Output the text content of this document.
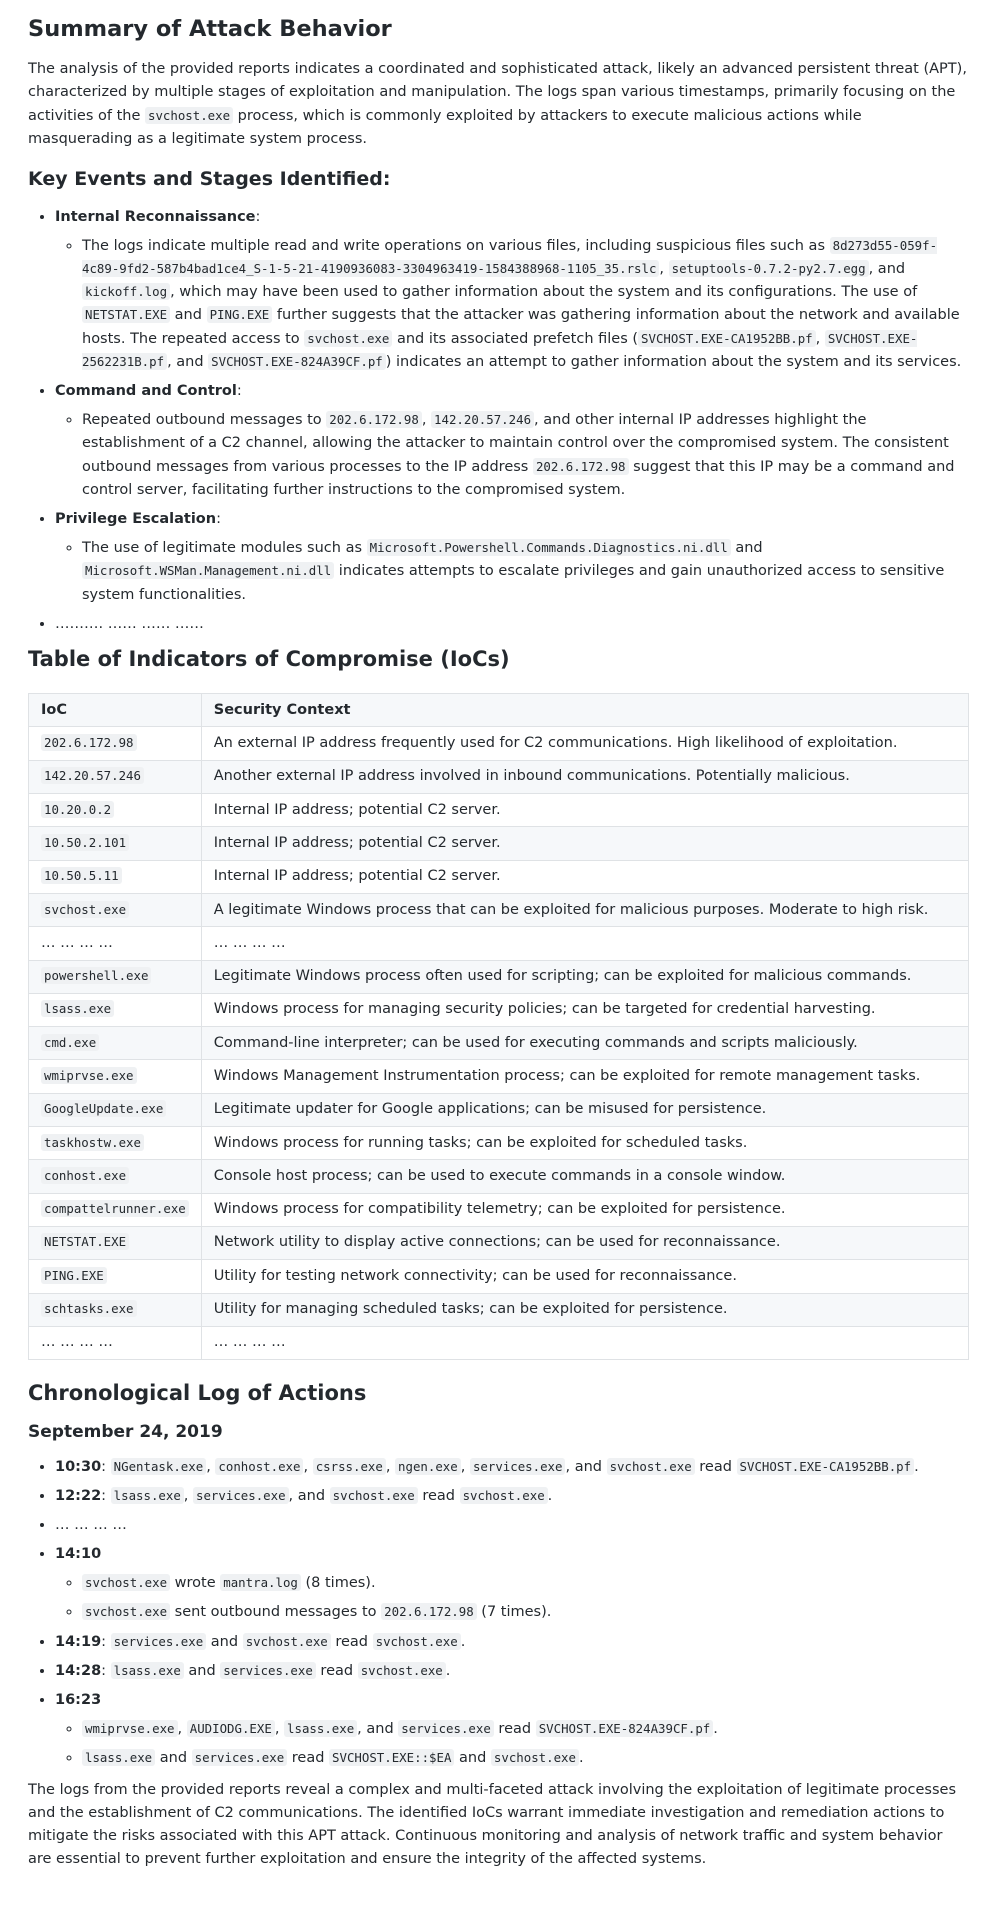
Summary of Attack Behavior

The analysis of the provided reports indicates a coordinated and sophisticated attack, likely an advanced persistent threat (APT), characterized by multiple stages of exploitation and manipulation. The logs span various timestamps, primarily focusing on the activities of the svchost.exe process, which is commonly exploited by attackers to execute malicious actions while masquerading as a legitimate system process.

Key Events and Stages Identified:
• Internal Reconnaissance:
◦ The logs indicate multiple read and write operations on various files, including suspicious files such as 8d273d55-059f-4c89-9fd2-587b4bad1ce4_S-1-5-21-4190936083-3304963419-1584388968-1105_35.rslc , setuptools-0.7.2-py2.7.egg , and kickoff.log , which may have been used to gather information about the system and its configurations. The use of NETSTAT.EXE and PING.EXE further suggests that the attacker was gathering information about the network and available hosts. The repeated access to svchost.exe and its associated prefetch files ( SVCHOST.EXE-CA1952BB.pf , SVCHOST.EXE-2562231B.pf , and SVCHOST.EXE-824A39CF.pf ) indicates an attempt to gather information about the system and its services.
• Command and Control:
◦ Repeated outbound messages to 202.6.172.98 , 142.20.57.246 , and other internal IP addresses highlight the establishment of a C2 channel, allowing the attacker to maintain control over the compromised system. The consistent outbound messages from various processes to the IP address 202.6.172.98 suggest that this IP may be a command and control server, facilitating further instructions to the compromised system.
• Privilege Escalation:
◦ The use of legitimate modules such as Microsoft.Powershell.Commands.Diagnostics.ni.dll and Microsoft.WSMan.Management.ni.dll indicates attempts to escalate privileges and gain unauthorized access to sensitive system functionalities.
• ………. …… …… ……
Table of Indicators of Compromise (IoCs)
IoC	Security Context
202.6.172.98	An external IP address frequently used for C2 communications. High likelihood of exploitation.
142.20.57.246	Another external IP address involved in inbound communications. Potentially malicious.
10.20.0.2	Internal IP address; potential C2 server.
10.50.2.101	Internal IP address; potential C2 server.
10.50.5.11	Internal IP address; potential C2 server.
svchost.exe	A legitimate Windows process that can be exploited for malicious purposes. Moderate to high risk.
… … … …	… … … …
powershell.exe	Legitimate Windows process often used for scripting; can be exploited for malicious commands.
lsass.exe	Windows process for managing security policies; can be targeted for credential harvesting.
cmd.exe	Command-line interpreter; can be used for executing commands and scripts maliciously.
wmiprvse.exe	Windows Management Instrumentation process; can be exploited for remote management tasks.
GoogleUpdate.exe	Legitimate updater for Google applications; can be misused for persistence.
taskhostw.exe	Windows process for running tasks; can be exploited for scheduled tasks.
conhost.exe	Console host process; can be used to execute commands in a console window.
compattelrunner.exe	Windows process for compatibility telemetry; can be exploited for persistence.
NETSTAT.EXE	Network utility to display active connections; can be used for reconnaissance.
PING.EXE	Utility for testing network connectivity; can be used for reconnaissance.
schtasks.exe	Utility for managing scheduled tasks; can be exploited for persistence.
… … … …	… … … …
Chronological Log of Actions
September 24, 2019
• 10:30: NGentask.exe , conhost.exe , csrss.exe , ngen.exe , services.exe , and svchost.exe read SVCHOST.EXE-CA1952BB.pf .
• 12:22: lsass.exe , services.exe , and svchost.exe read svchost.exe .
• … … … …
• 14:10
◦ svchost.exe wrote mantra.log (8 times).
◦ svchost.exe sent outbound messages to 202.6.172.98 (7 times).
• 14:19: services.exe and svchost.exe read svchost.exe .
• 14:28: lsass.exe and services.exe read svchost.exe .
• 16:23
◦ wmiprvse.exe , AUDIODG.EXE , lsass.exe , and services.exe read SVCHOST.EXE-824A39CF.pf .
◦ lsass.exe and services.exe read SVCHOST.EXE::$EA and svchost.exe .

The logs from the provided reports reveal a complex and multi-faceted attack involving the exploitation of legitimate processes and the establishment of C2 communications. The identified IoCs warrant immediate investigation and remediation actions to mitigate the risks associated with this APT attack. Continuous monitoring and analysis of network traffic and system behavior are essential to prevent further exploitation and ensure the integrity of the affected systems.
